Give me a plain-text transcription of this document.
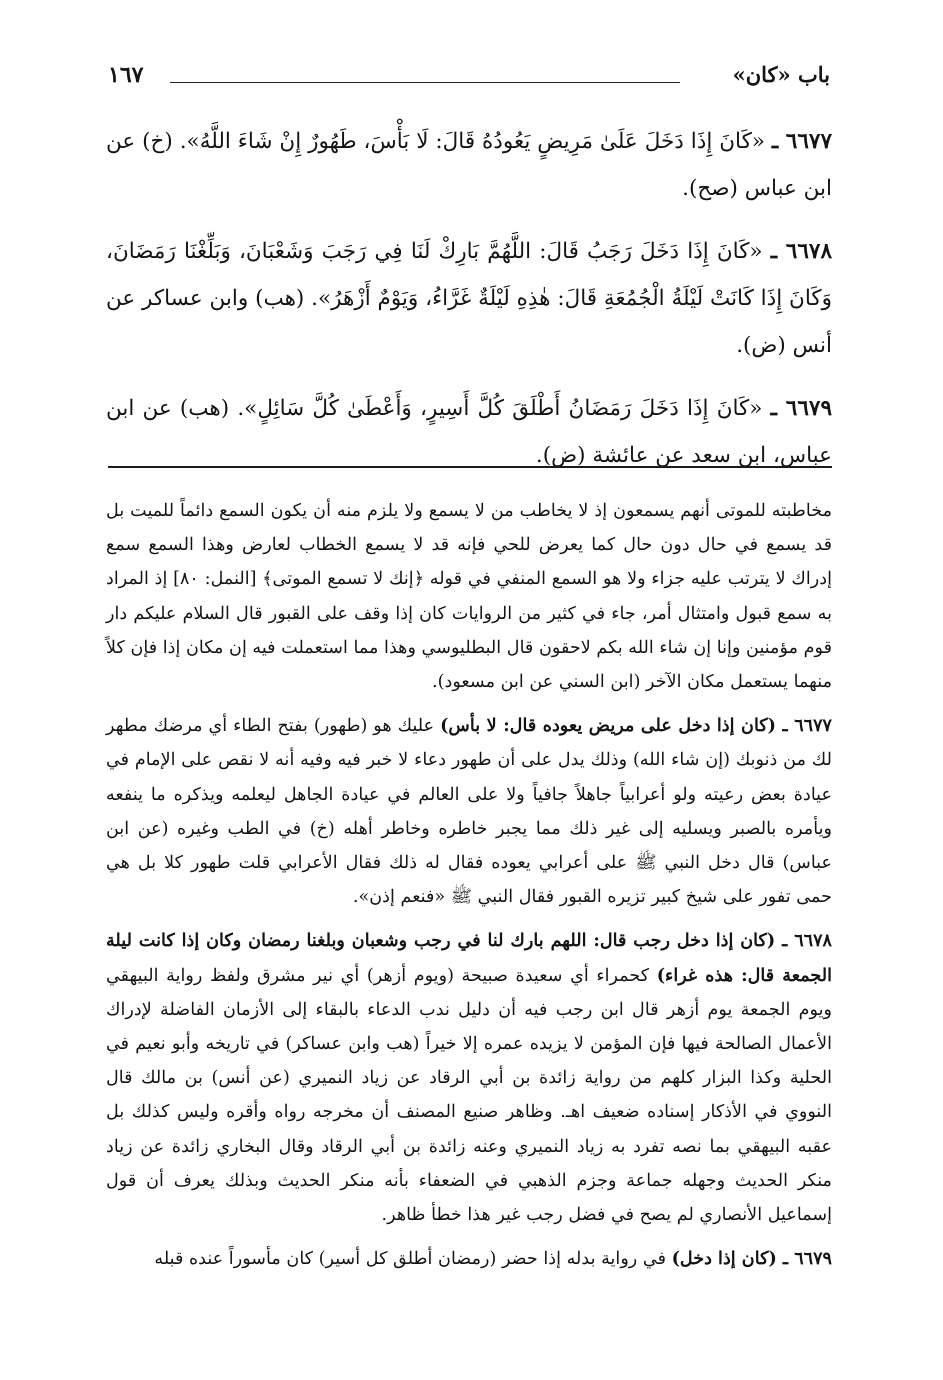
باب «كان»
١٦٧

٦٦٧٧ ـ «كَانَ إِذَا دَخَلَ عَلَىٰ مَرِيضٍ يَعُودُهُ قَالَ: لَا بَأْسَ، طَهُورٌ إِنْ شَاءَ اللَّهُ». (خ) عن ابن عباس (صح).

٦٦٧٨ ـ «كَانَ إِذَا دَخَلَ رَجَبُ قَالَ: اللَّهُمَّ بَارِكْ لَنَا فِي رَجَبَ وَشَعْبَانَ، وَبَلِّغْنَا رَمَضَانَ، وَكَانَ إِذَا كَانَتْ لَيْلَةُ الْجُمُعَةِ قَالَ: هٰذِهِ لَيْلَةٌ غَرَّاءُ، وَيَوْمٌ أَزْهَرُ». (هب) وابن عساكر عن أنس (ض).

٦٦٧٩ ـ «كَانَ إِذَا دَخَلَ رَمَضَانُ أَطْلَقَ كُلَّ أَسِيرٍ، وَأَعْطَىٰ كُلَّ سَائِلٍ». (هب) عن ابن عباس، ابن سعد عن عائشة (ض).

مخاطبته للموتى أنهم يسمعون إذ لا يخاطب من لا يسمع ولا يلزم منه أن يكون السمع دائماً للميت بل قد يسمع في حال دون حال كما يعرض للحي فإنه قد لا يسمع الخطاب لعارض وهذا السمع سمع إدراك لا يترتب عليه جزاء ولا هو السمع المنفي في قوله ﴿إنك لا تسمع الموتى﴾ [النمل: ٨٠] إذ المراد به سمع قبول وامتثال أمر، جاء في كثير من الروايات كان إذا وقف على القبور قال السلام عليكم دار قوم مؤمنين وإنا إن شاء الله بكم لاحقون قال البطليوسي وهذا مما استعملت فيه إن مكان إذا فإن كلاً منهما يستعمل مكان الآخر (ابن السني عن ابن مسعود).

٦٦٧٧ ـ (كان إذا دخل على مريض يعوده قال: لا بأس) عليك هو (طهور) بفتح الطاء أي مرضك مطهر لك من ذنوبك (إن شاء الله) وذلك يدل على أن طهور دعاء لا خبر فيه وفيه أنه لا نقص على الإمام في عيادة بعض رعيته ولو أعرابياً جاهلاً جافياً ولا على العالم في عيادة الجاهل ليعلمه ويذكره ما ينفعه ويأمره بالصبر ويسليه إلى غير ذلك مما يجبر خاطره وخاطر أهله (خ) في الطب وغيره (عن ابن عباس) قال دخل النبي ﷺ على أعرابي يعوده فقال له ذلك فقال الأعرابي قلت طهور كلا بل هي حمى تفور على شيخ كبير تزيره القبور فقال النبي ﷺ «فنعم إذن».

٦٦٧٨ ـ (كان إذا دخل رجب قال: اللهم بارك لنا في رجب وشعبان وبلغنا رمضان وكان إذا كانت ليلة الجمعة قال: هذه غراء) كحمراء أي سعيدة صبيحة (ويوم أزهر) أي نير مشرق ولفظ رواية البيهقي ويوم الجمعة يوم أزهر قال ابن رجب فيه أن دليل ندب الدعاء بالبقاء إلى الأزمان الفاضلة لإدراك الأعمال الصالحة فيها فإن المؤمن لا يزيده عمره إلا خيراً (هب وابن عساكر) في تاريخه وأبو نعيم في الحلية وكذا البزار كلهم من رواية زائدة بن أبي الرقاد عن زياد النميري (عن أنس) بن مالك قال النووي في الأذكار إسناده ضعيف اهـ. وظاهر صنيع المصنف أن مخرجه رواه وأقره وليس كذلك بل عقبه البيهقي بما نصه تفرد به زياد النميري وعنه زائدة بن أبي الرقاد وقال البخاري زائدة عن زياد منكر الحديث وجهله جماعة وجزم الذهبي في الضعفاء بأنه منكر الحديث وبذلك يعرف أن قول إسماعيل الأنصاري لم يصح في فضل رجب غير هذا خطأ ظاهر.

٦٦٧٩ ـ (كان إذا دخل) في رواية بدله إذا حضر (رمضان أطلق كل أسير) كان مأسوراً عنده قبله
